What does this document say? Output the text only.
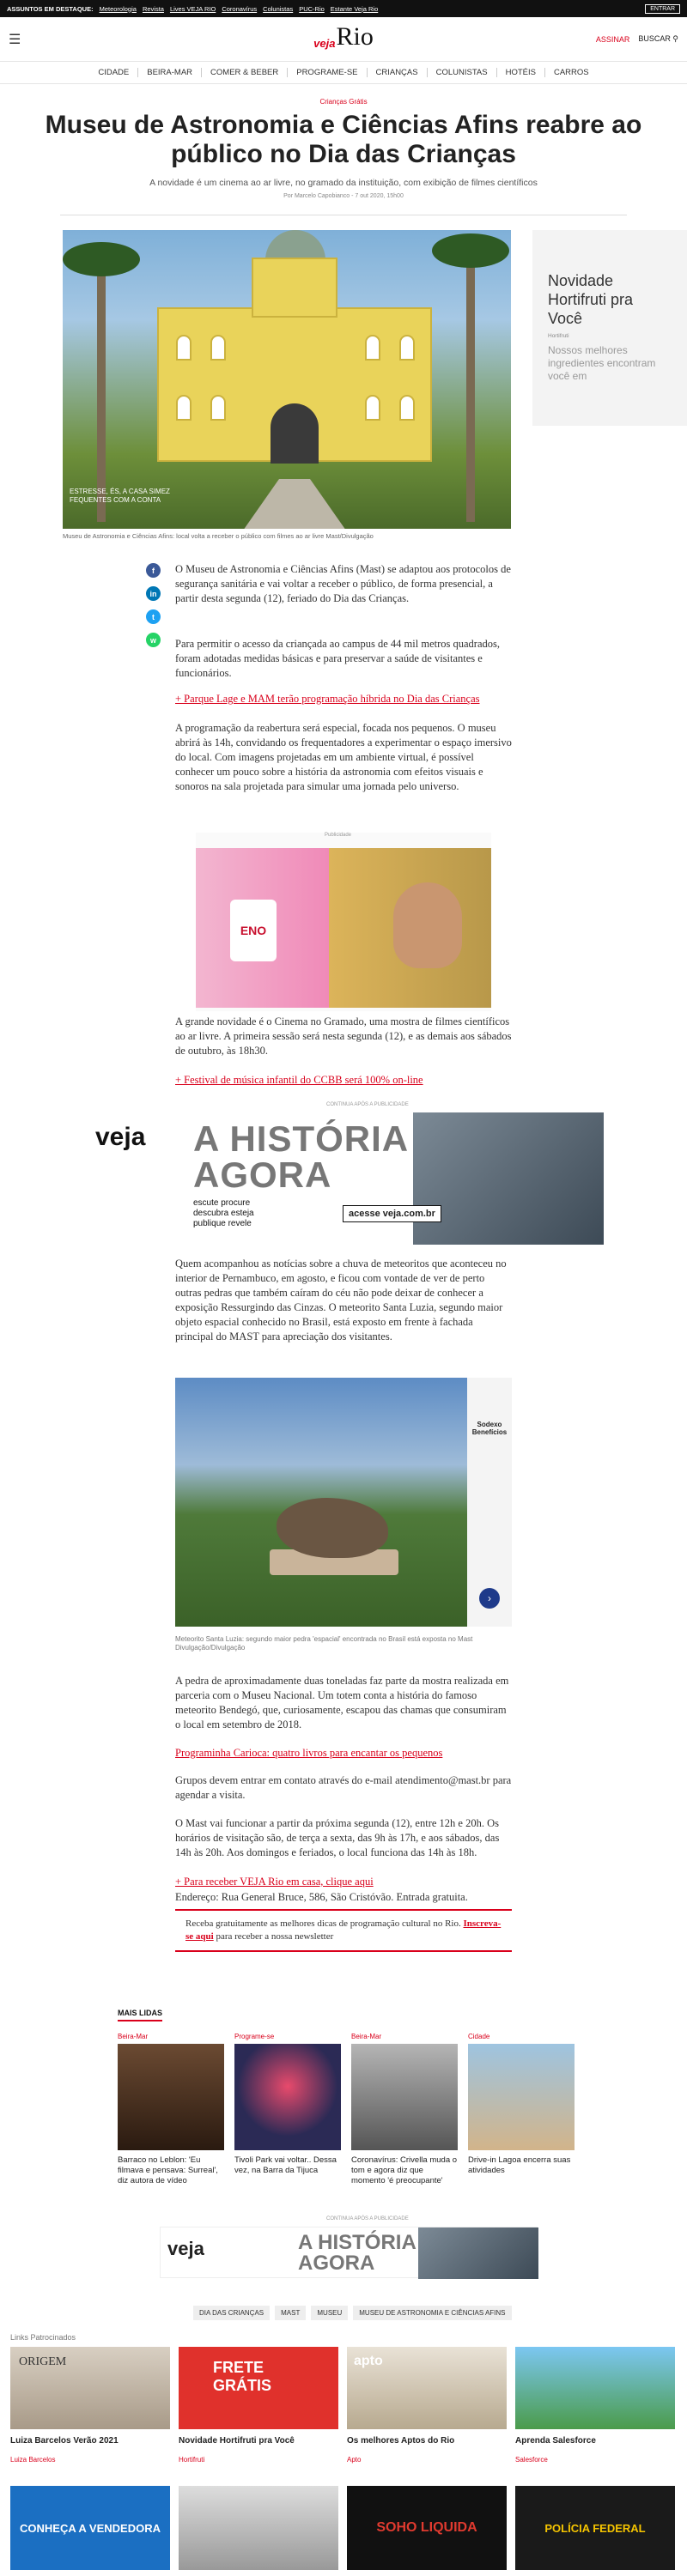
ASSUNTOS EM DESTAQUE: Meteorologia Revista Lives VEJA RIO Coronavírus Colunistas PUC-Rio Estante Veja Rio	ENTRAR
☰	veja Rio	ASSINAR BUSCAR ⚲
CIDADE	BEIRA-MAR	COMER & BEBER	PROGRAME-SE	CRIANÇAS	COLUNISTAS	HOTÉIS	CARROS
Crianças Grátis
Museu de Astronomia e Ciências Afins reabre ao público no Dia das Crianças
A novidade é um cinema ao ar livre, no gramado da instituição, com exibição de filmes científicos
Por Marcelo Capobianco - 7 out 2020, 15h00
ESTRESSE, ÉS, A CASA SIMEZ FEQUENTES COM A CONTA
Museu de Astronomia e Ciências Afins: local volta a receber o público com filmes ao ar livre Mast/Divulgação
Novidade Hortifruti pra Você
Hortifruti
Nossos melhores ingredientes encontram você em
f
in
t
w

O Museu de Astronomia e Ciências Afins (Mast) se adaptou aos protocolos de segurança sanitária e vai voltar a receber o público, de forma presencial, a partir desta segunda (12), feriado do Dia das Crianças.

Para permitir o acesso da criançada ao campus de 44 mil metros quadrados, foram adotadas medidas básicas e para preservar a saúde de visitantes e funcionários.

+ Parque Lage e MAM terão programação híbrida no Dia das Crianças

A programação da reabertura será especial, focada nos pequenos. O museu abrirá às 14h, convidando os frequentadores a experimentar o espaço imersivo do local. Com imagens projetadas em um ambiente virtual, é possível conhecer um pouco sobre a história da astronomia com efeitos visuais e sonoros na sala projetada para simular uma jornada pelo universo.

Publicidade
ENO

A grande novidade é o Cinema no Gramado, uma mostra de filmes científicos ao ar livre. A primeira sessão será nesta segunda (12), e as demais aos sábados de outubro, às 18h30.

+ Festival de música infantil do CCBB será 100% on-line
CONTINUA APÓS A PUBLICIDADE
veja A HISTÓRIA
AGORA
escute procure descubra esteja publique revele
acesse veja.com.br

Quem acompanhou as notícias sobre a chuva de meteoritos que aconteceu no interior de Pernambuco, em agosto, e ficou com vontade de ver de perto outras pedras que também caíram do céu não pode deixar de conhecer a exposição Ressurgindo das Cinzas. O meteorito Santa Luzia, segundo maior objeto espacial conhecido no Brasil, está exposto em frente à fachada principal do MAST para apreciação dos visitantes.

Sodexo Benefícios
›
Meteorito Santa Luzia: segundo maior pedra 'espacial' encontrada no Brasil está exposta no Mast Divulgação/Divulgação

A pedra de aproximadamente duas toneladas faz parte da mostra realizada em parceria com o Museu Nacional. Um totem conta a história do famoso meteorito Bendegó, que, curiosamente, escapou das chamas que consumiram o local em setembro de 2018.

Programinha Carioca: quatro livros para encantar os pequenos

Grupos devem entrar em contato através do e-mail atendimento@mast.br para agendar a visita.

O Mast vai funcionar a partir da próxima segunda (12), entre 12h e 20h. Os horários de visitação são, de terça a sexta, das 9h às 17h, e aos sábados, das 14h às 20h. Aos domingos e feriados, o local funciona das 14h às 18h.

+ Para receber VEJA Rio em casa, clique aqui

Endereço: Rua General Bruce, 586, São Cristóvão. Entrada gratuita.

Receba gratuitamente as melhores dicas de programação cultural no Rio. Inscreva-se aqui para receber a nossa newsletter
MAIS LIDAS
Beira-Mar
Barraco no Leblon: 'Eu filmava e pensava: Surreal', diz autora de vídeo
Programe-se
Tivoli Park vai voltar.. Dessa vez, na Barra da Tijuca
Beira-Mar
Coronavírus: Crivella muda o tom e agora diz que momento 'é preocupante'
Cidade
Drive-in Lagoa encerra suas atividades
CONTINUA APÓS A PUBLICIDADE
veja	A HISTÓRIA
AGORA
DIA DAS CRIANÇAS	MAST	MUSEU	MUSEU DE ASTRONOMIA E CIÊNCIAS AFINS
Links Patrocinados
ORIGEM
Luiza Barcelos Verão 2021
Luiza Barcelos
FRETE GRÁTIS
Novidade Hortifruti pra Você
Hortifruti
apto
Os melhores Aptos do Rio
Apto
Aprenda Salesforce
Salesforce
CONHEÇA A VENDEDORA	SOHO LIQUIDA	POLÍCIA FEDERAL
